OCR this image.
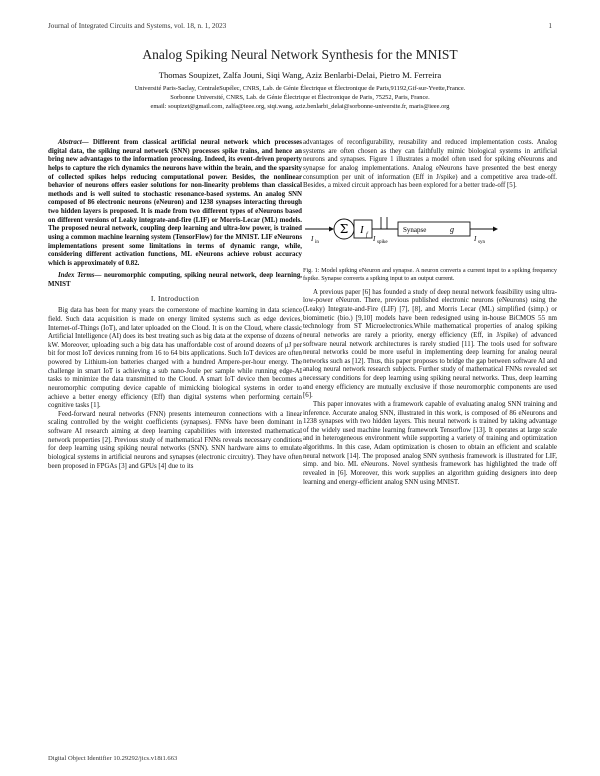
Journal of Integrated Circuits and Systems, vol. 18, n. 1, 2023	1
Analog Spiking Neural Network Synthesis for the MNIST
Thomas Soupizet, Zalfa Jouni, Siqi Wang, Aziz Benlarbi-Delai, Pietro M. Ferreira
Université Paris-Saclay, CentraleSupélec, CNRS, Lab. de Génie Électrique et Électronique de Paris,91192,Gif-sur-Yvette,France.
Sorbonne Université, CNRS, Lab. de Génie Électrique et Électronique de Paris, 75252, Paris, France.
email: soupizet@gmail.com, zalfa@ieee.org, siqi.wang, aziz.benlarbi_delai@sorbonne-universite.fr, maris@ieee.org

Abstract— Different from classical artificial neural network which processes digital data, the spiking neural network (SNN) processes spike trains, and hence an bring new advantages to the information processing. Indeed, its event-driven property helps to capture the rich dynamics the neurons have within the brain, and the sparsity of collected spikes helps reducing computational power. Besides, the nonlinear behavior of neurons offers easier solutions for non-linearity problems than classical methods and is well suited to stochastic resonance-based systems. An analog SNN composed of 86 electronic neurons (eNeuron) and 1238 synapses interacting through two hidden layers is proposed. It is made from two different types of eNeurons based on different versions of Leaky integrate-and-fire (LIF) or Morris-Lecar (ML) models. The proposed neural network, coupling deep learning and ultra-low power, is trained using a common machine learning system (TensorFlow) for the MNIST. LIF eNeurons implementations present some limitations in terms of dynamic range, while, considering different activation functions, ML eNeurons achieve robust accuracy which is approximately of 0.82.

Index Terms— neuromorphic computing, spiking neural network, deep learning, MNIST

I. Introduction

Big data has been for many years the cornerstone of machine learning in data science field. Such data acquisition is made on energy limited systems such as edge devices, Internet-of-Things (IoT), and later uploaded on the Cloud. It is on the Cloud, where classic Artificial Intelligence (AI) does its best treating such as big data at the expense of dozens of kW. Moreover, uploading such a big data has unaffordable cost of around dozens of μJ per bit for most IoT devices running from 16 to 64 bits applications. Such IoT devices are often powered by Lithium-ion batteries charged with a hundred Ampere-per-hour energy. The challenge in smart IoT is achieving a sub nano-Joule per sample while running edge-AI tasks to minimize the data transmitted to the Cloud. A smart IoT device then becomes a neuromorphic computing device capable of mimicking biological systems in order to achieve a better energy efficiency (Eff) than digital systems when performing certain cognitive tasks [1].

Feed-forward neural networks (FNN) presents intemeuron connections with a linear scaling controlled by the weight coefficients (synapses). FNNs have been dominant in software AI research aiming at deep learning capabilities with interested mathematical network properties [2]. Previous study of mathematical FNNs reveals necessary conditions for deep learning using spiking neural networks (SNN). SNN hardware aims to emulate biological systems in artificial neurons and synapses (electronic circuitry). They have often been proposed in FPGAs [3] and GPUs [4] due to its

advantages of reconfigurability, reusability and reduced implementation costs. Analog systems are often chosen as they can faithfully mimic biological systems in artificial neurons and synapses. Figure 1 illustrates a model often used for spiking eNeurons and synapse for analog implementations. Analog eNeurons have presented the best energy consumption per unit of information (Eff in J/spike) and a competitive area trade-off. Besides, a mixed circuit approach has been explored for a better trade-off [5].

I in
Σ I f I spike
Synapse	g
I syn

Fig. 1: Model spiking eNeuron and synapse. A neuron converts a current input to a spiking frequency fspike. Synapse converts a spiking input to an output current.

A previous paper [6] has founded a study of deep neural network feasibility using ultra-low-power eNeuron. There, previous published electronic neurons (eNeurons) using the (Leaky) Integrate-and-Fire (LIF) [7], [8], and Morris Lecar (ML) simplified (simp.) or biomimetic (bio.) [9,10] models have been redesigned using in-house BiCMOS 55 nm technology from ST Microelectronics.While mathematical properties of analog spiking neural networks are rarely a priority, energy efficiency (Eff, in J/spike) of advanced software neural network architectures is rarely studied [11]. The tools used for software neural networks could be more useful in implementing deep learning for analog neural networks such as [12]. Thus, this paper proposes to bridge the gap between software AI and analog neural network research subjects. Further study of mathematical FNNs revealed set necessary conditions for deep learning using spiking neural networks. Thus, deep learning and energy efficiency are mutually exclusive if those neuromorphic components are used [6].

This paper innovates with a framework capable of evaluating analog SNN training and inference. Accurate analog SNN, illustrated in this work, is composed of 86 eNeurons and 1238 synapses with two hidden layers. This neural network is trained by taking advantage of the widely used machine learning framework Tensorflow [13]. It operates at large scale and in heterogeneous environment while supporting a variety of training and optimization algorithms. In this case, Adam optimization is chosen to obtain an efficient and scalable neural network [14]. The proposed analog SNN synthesis framework is illustrated for LIF, simp. and bio. ML eNeurons. Novel synthesis framework has highlighted the trade off revealed in [6]. Moreover, this work supplies an algorithm guiding designers into deep learning and energy-efficient analog SNN using MNIST.

Digital Object Identifier 10.29292/jics.v18i1.663
